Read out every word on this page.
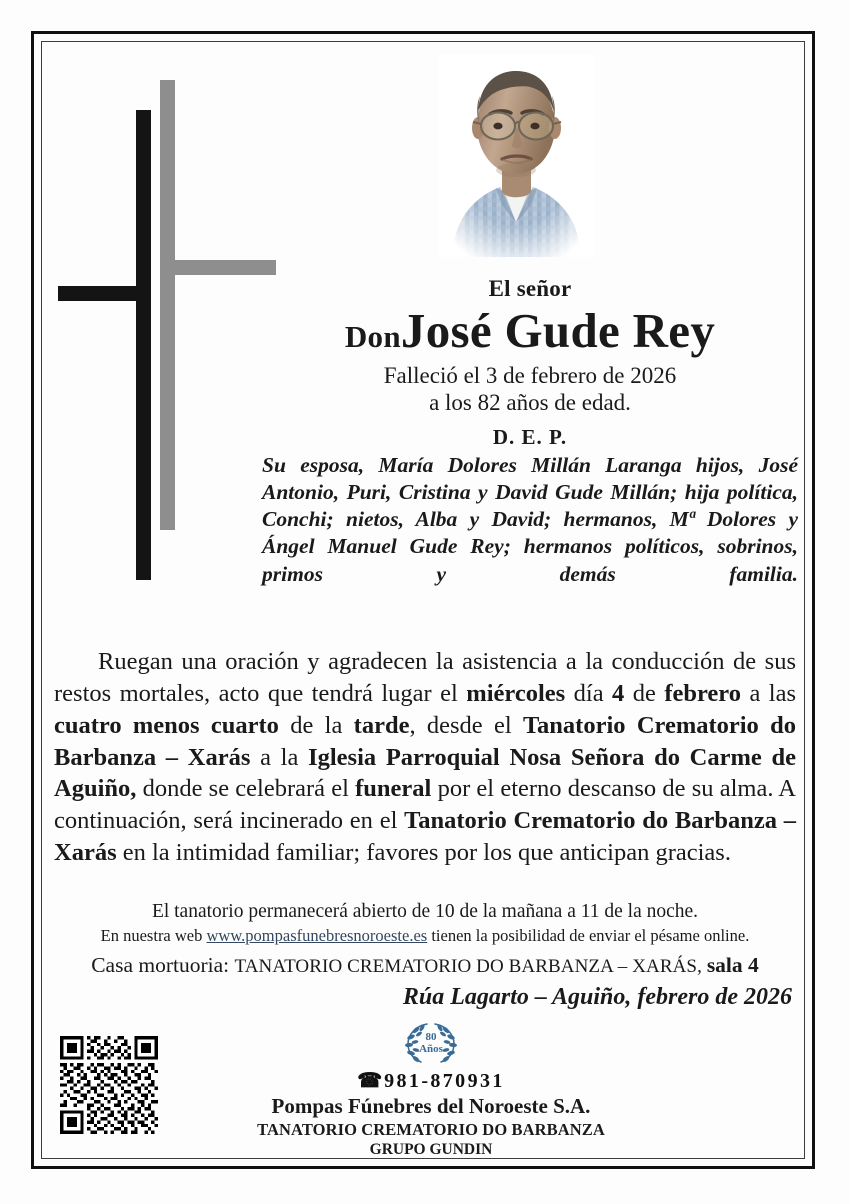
El señor

DonJosé Gude Rey

Falleció el 3 de febrero de 2026
a los 82 años de edad.

D. E. P.

Su esposa, María Dolores Millán Laranga hijos, José Antonio, Puri, Cristina y David Gude Millán; hija política, Conchi; nietos, Alba y David; hermanos, Mª Dolores y Ángel Manuel Gude Rey; hermanos políticos, sobrinos, primos y demás familia.

Ruegan una oración y agradecen la asistencia a la conducción de sus restos mortales, acto que tendrá lugar el miércoles día 4 de febrero a las cuatro menos cuarto de la tarde, desde el Tanatorio Crematorio do Barbanza – Xarás a la Iglesia Parroquial Nosa Señora do Carme de Aguiño, donde se celebrará el funeral por el eterno descanso de su alma. A continuación, será incinerado en el Tanatorio Crematorio do Barbanza – Xarás en la intimidad familiar; favores por los que anticipan gracias.

El tanatorio permanecerá abierto de 10 de la mañana a 11 de la noche.
En nuestra web www.pompasfunebresnoroeste.es tienen la posibilidad de enviar el pésame online.
Casa mortuoria: TANATORIO CREMATORIO DO BARBANZA – XARÁS, sala 4
Rúa Lagarto – Aguiño, febrero de 2026
80
Años
☎ 981-870931
Pompas Fúnebres del Noroeste S.A.
TANATORIO CREMATORIO DO BARBANZA
GRUPO GUNDIN
